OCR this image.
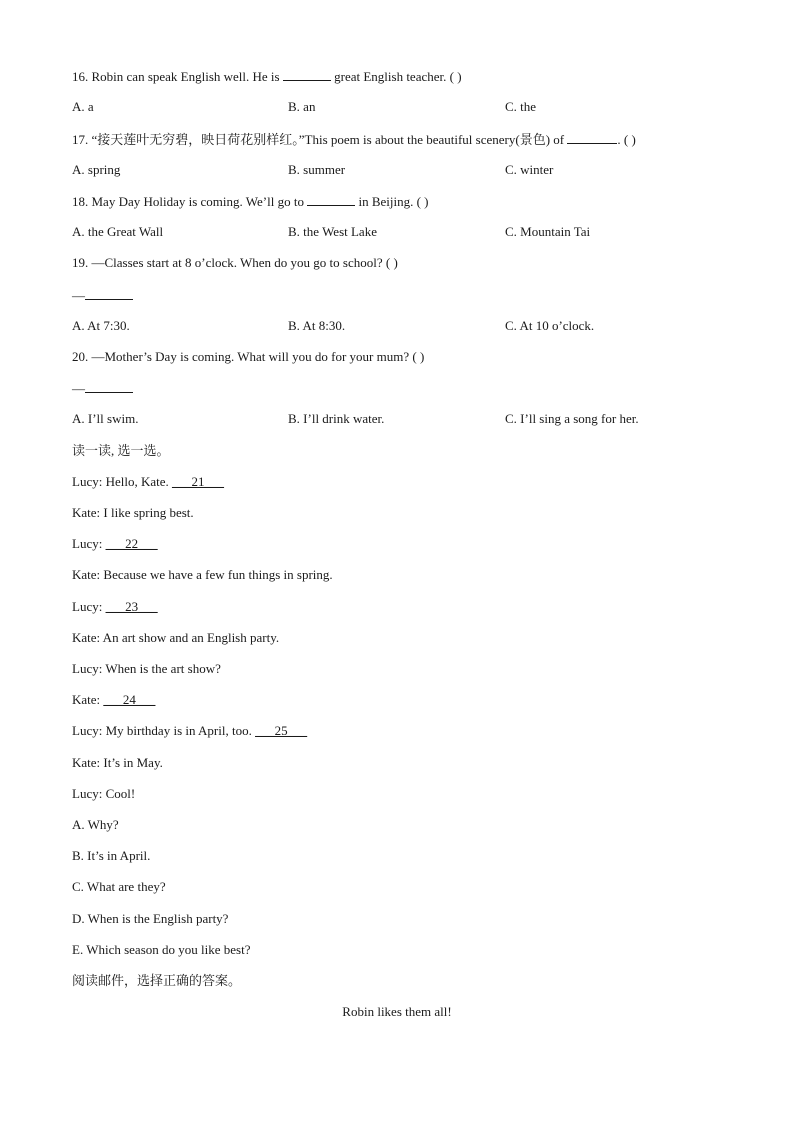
16. Robin can speak English well. He is	great English teacher. ( )
A. a	B. an	C. the
17. “接天莲叶无穷碧，映日荷花别样红。”This poem is about the beautiful scenery(景色) of	. ( )
A. spring	B. summer	C. winter
18. May Day Holiday is coming. We’ll go to	in Beijing. ( )
A. the Great Wall	B. the West Lake	C. Mountain Tai
19. —Classes start at 8 o’clock. When do you go to school? ( )
—
A. At 7:30.	B. At 8:30.	C. At 10 o’clock.
20. —Mother’s Day is coming. What will you do for your mum? ( )
—
A. I’ll swim.	B. I’ll drink water.	C. I’ll sing a song for her.
读一读, 选一选。
Lucy: Hello, Kate. ___21___
Kate: I like spring best.
Lucy: ___22___
Kate: Because we have a few fun things in spring.
Lucy: ___23___
Kate: An art show and an English party.
Lucy: When is the art show?
Kate: ___24___
Lucy: My birthday is in April, too. ___25___
Kate: It’s in May.
Lucy: Cool!
A. Why?
B. It’s in April.
C. What are they?
D. When is the English party?
E. Which season do you like best?
阅读邮件，选择正确的答案。
Robin likes them all!
